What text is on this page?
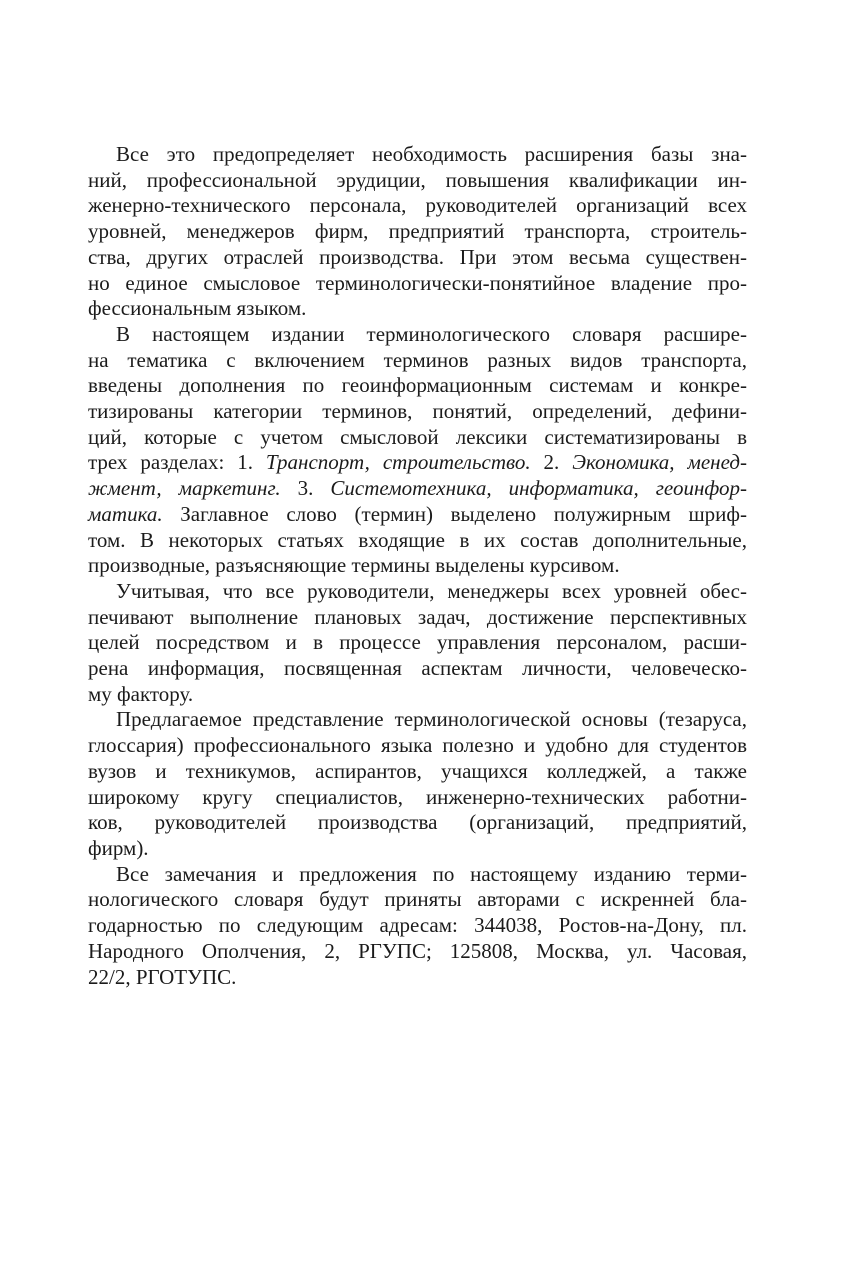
Все это предопределяет необходимость расширения базы зна-
ний, профессиональной эрудиции, повышения квалификации ин-
женерно-технического персонала, руководителей организаций всех
уровней, менеджеров фирм, предприятий транспорта, строитель-
ства, других отраслей производства. При этом весьма существен-
но единое смысловое терминологически-понятийное владение про-
фессиональным языком.
В настоящем издании терминологического словаря расшире-
на тематика с включением терминов разных видов транспорта,
введены дополнения по геоинформационным системам и конкре-
тизированы категории терминов, понятий, определений, дефини-
ций, которые с учетом смысловой лексики систематизированы в
трех разделах: 1. Транспорт, строительство. 2. Экономика, менед-
жмент, маркетинг. 3. Системотехника, информатика, геоинфор-
матика. Заглавное слово (термин) выделено полужирным шриф-
том. В некоторых статьях входящие в их состав дополнительные,
производные, разъясняющие термины выделены курсивом.
Учитывая, что все руководители, менеджеры всех уровней обес-
печивают выполнение плановых задач, достижение перспективных
целей посредством и в процессе управления персоналом, расши-
рена информация, посвященная аспектам личности, человеческо-
му фактору.
Предлагаемое представление терминологической основы (тезаруса,
глоссария) профессионального языка полезно и удобно для студентов
вузов и техникумов, аспирантов, учащихся колледжей, а также
широкому кругу специалистов, инженерно-технических работни-
ков, руководителей производства (организаций, предприятий,
фирм).
Все замечания и предложения по настоящему изданию терми-
нологического словаря будут приняты авторами с искренней бла-
годарностью по следующим адресам: 344038, Ростов-на-Дону, пл.
Народного Ополчения, 2, РГУПС; 125808, Москва, ул. Часовая,
22/2, РГОТУПС.
